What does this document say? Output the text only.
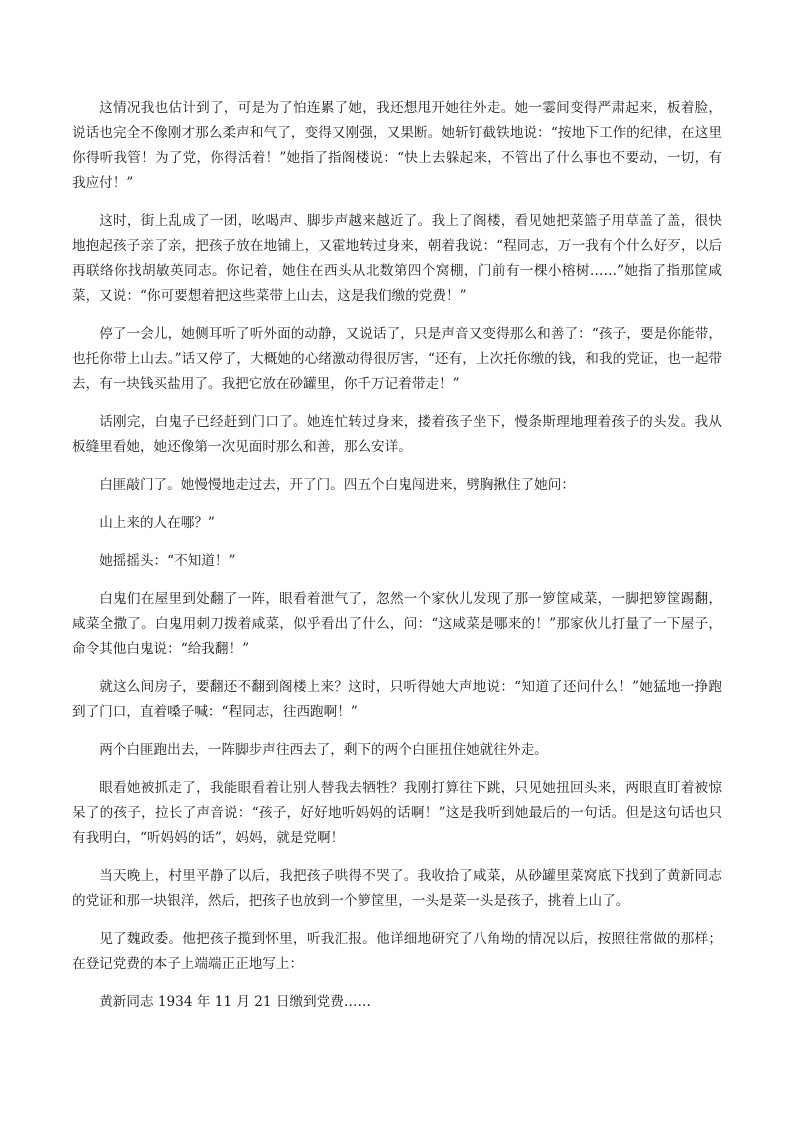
这情况我也估计到了，可是为了怕连累了她，我还想甩开她往外走。她一霎间变得严肃起来，板着脸，说话也完全不像刚才那么柔声和气了，变得又刚强，又果断。她斩钉截铁地说：“按地下工作的纪律，在这里你得听我管！为了党，你得活着！”她指了指阁楼说：“快上去躲起来，不管出了什么事也不要动，一切，有我应付！”

这时，街上乱成了一团，吆喝声、脚步声越来越近了。我上了阁楼，看见她把菜篮子用草盖了盖，很快地抱起孩子亲了亲，把孩子放在地铺上，又霍地转过身来，朝着我说：“程同志，万一我有个什么好歹，以后再联络你找胡敏英同志。你记着，她住在西头从北数第四个窝棚，门前有一棵小榕树……”她指了指那筐咸菜，又说：“你可要想着把这些菜带上山去，这是我们缴的党费！”

停了一会儿，她侧耳听了听外面的动静，又说话了，只是声音又变得那么和善了：“孩子，要是你能带，也托你带上山去。”话又停了，大概她的心绪激动得很厉害，“还有，上次托你缴的钱，和我的党证，也一起带去，有一块钱买盐用了。我把它放在砂罐里，你千万记着带走！”

话刚完，白鬼子已经赶到门口了。她连忙转过身来，搂着孩子坐下，慢条斯理地理着孩子的头发。我从板缝里看她，她还像第一次见面时那么和善，那么安详。

白匪敲门了。她慢慢地走过去，开了门。四五个白鬼闯进来，劈胸揪住了她问：

山上来的人在哪？”

她摇摇头：“不知道！”

白鬼们在屋里到处翻了一阵，眼看着泄气了，忽然一个家伙儿发现了那一箩筐咸菜，一脚把箩筐踢翻，咸菜全撒了。白鬼用刺刀拨着咸菜，似乎看出了什么，问：“这咸菜是哪来的！”那家伙儿打量了一下屋子，命令其他白鬼说：“给我翻！”

就这么间房子，要翻还不翻到阁楼上来？这时，只听得她大声地说：“知道了还问什么！”她猛地一挣跑到了门口，直着嗓子喊：“程同志，往西跑啊！”

两个白匪跑出去，一阵脚步声往西去了，剩下的两个白匪扭住她就往外走。

眼看她被抓走了，我能眼看着让别人替我去牺牲？我刚打算往下跳，只见她扭回头来，两眼直盯着被惊呆了的孩子，拉长了声音说：“孩子，好好地听妈妈的话啊！”这是我听到她最后的一句话。但是这句话也只有我明白，“听妈妈的话”，妈妈，就是党啊！

当天晚上，村里平静了以后，我把孩子哄得不哭了。我收拾了咸菜，从砂罐里菜窝底下找到了黄新同志的党证和那一块银洋，然后，把孩子也放到一个箩筐里，一头是菜一头是孩子，挑着上山了。

见了魏政委。他把孩子揽到怀里，听我汇报。他详细地研究了八角坳的情况以后，按照往常做的那样；在登记党费的本子上端端正正地写上：

黄新同志 1934 年 11 月 21 日缴到党费……
